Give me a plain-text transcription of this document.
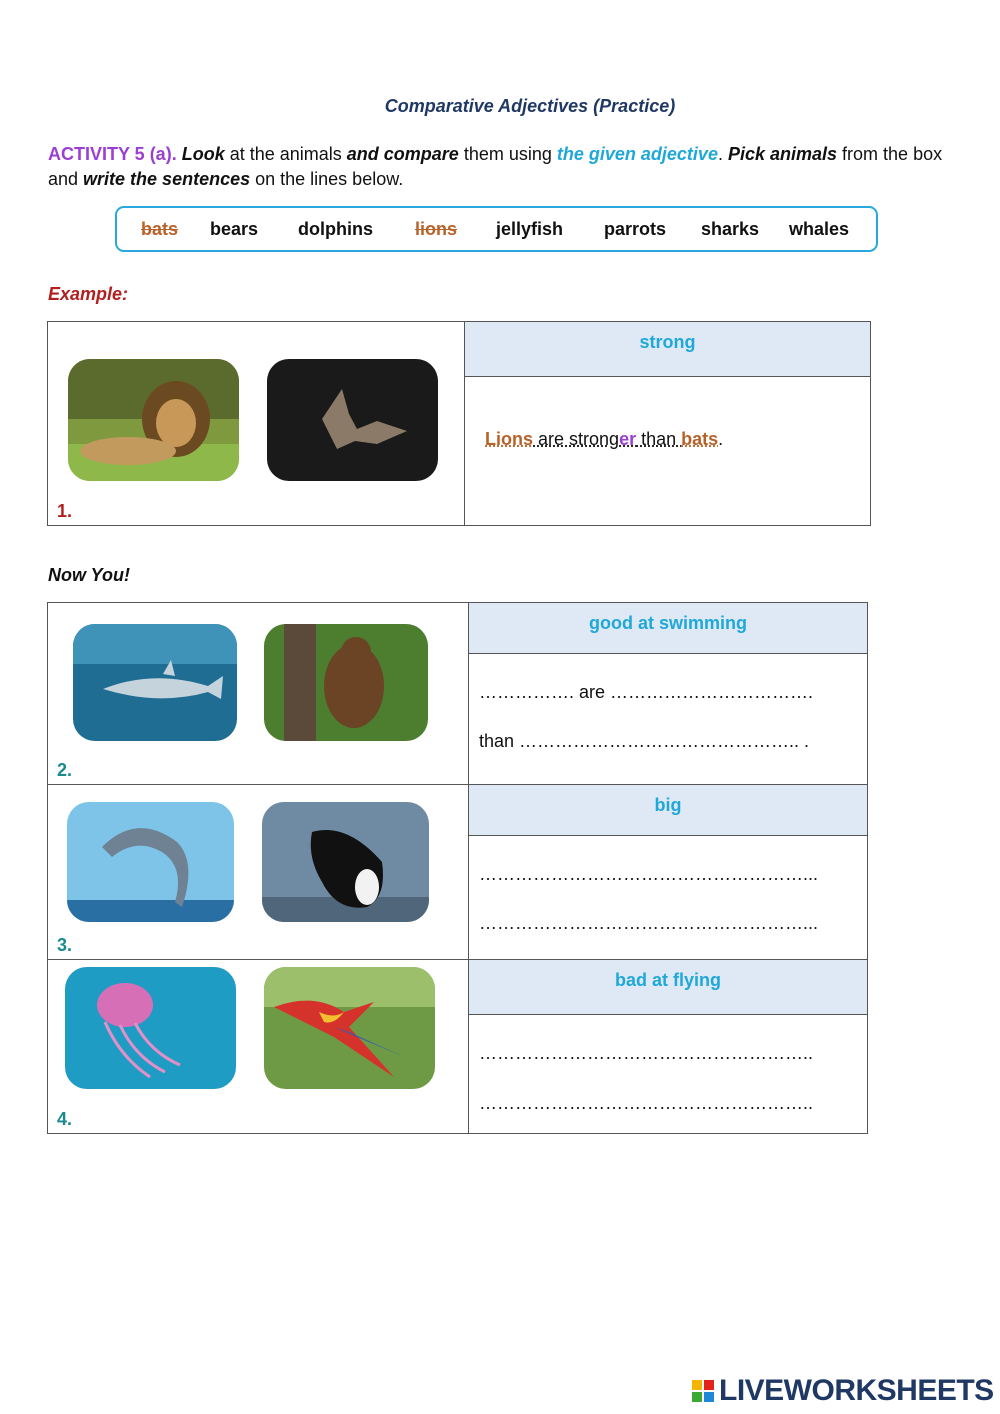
Comparative Adjectives (Practice)
ACTIVITY 5 (a). Look at the animals and compare them using the given adjective. Pick animals from the box and write the sentences on the lines below.
bats bears dolphins lions jellyfish parrots sharks whales
Example:
1.
	strong

Lions are stronger than bats.
Now You!
2.	good at swimming

	……………. are …………………………….
than ……………………………………….. .

3.	big

	………………………………………………...
………………………………………………...

4.	bad at flying

	………………………………………………..
………………………………………………..
LIVEWORKSHEETS
